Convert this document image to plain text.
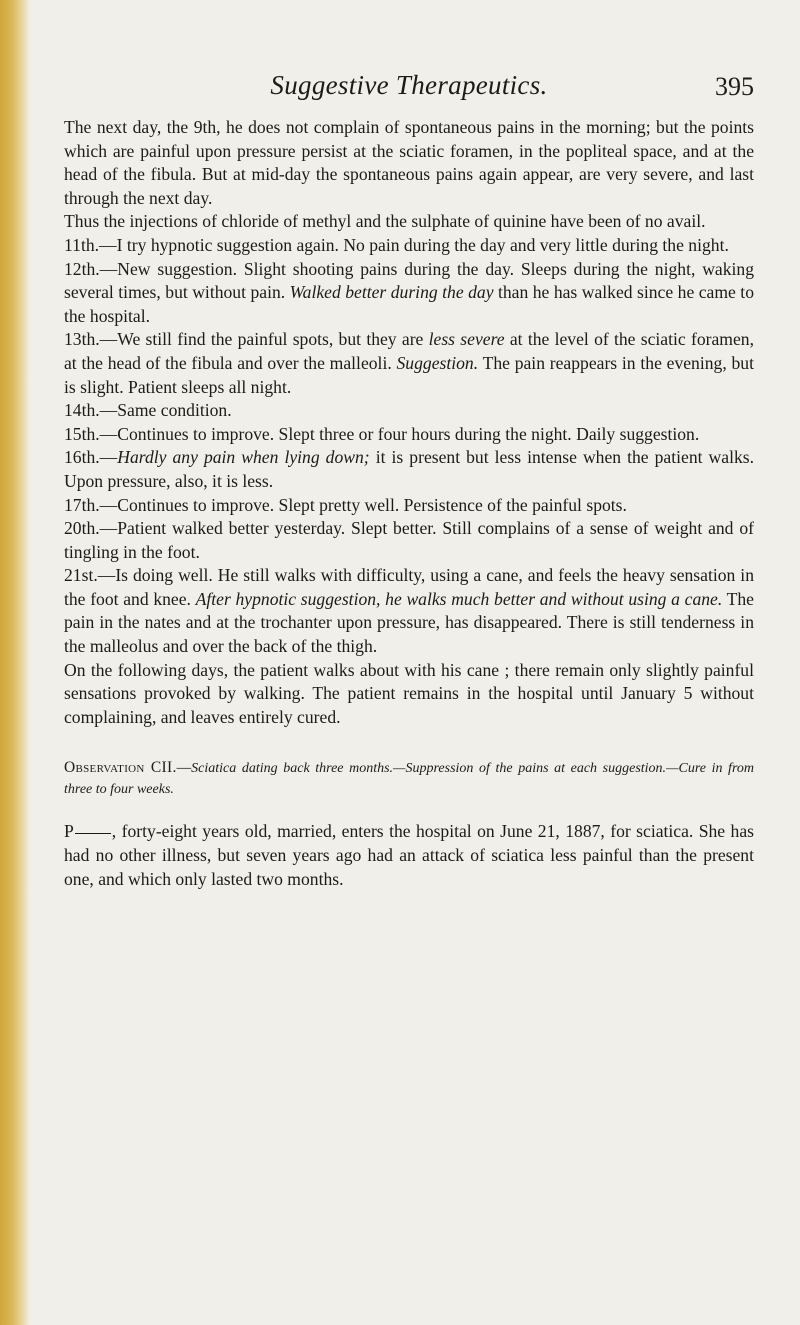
Suggestive Therapeutics.	395

The next day, the 9th, he does not complain of spontaneous pains in the morning; but the points which are painful upon pressure persist at the sciatic foramen, in the popliteal space, and at the head of the fibula. But at mid-day the spontaneous pains again appear, are very severe, and last through the next day.

Thus the injections of chloride of methyl and the sulphate of quinine have been of no avail.

11th.—I try hypnotic suggestion again. No pain during the day and very little during the night.

12th.—New suggestion. Slight shooting pains during the day. Sleeps during the night, waking several times, but without pain. Walked better during the day than he has walked since he came to the hospital.

13th.—We still find the painful spots, but they are less severe at the level of the sciatic foramen, at the head of the fibula and over the malleoli. Suggestion. The pain reappears in the evening, but is slight. Patient sleeps all night.

14th.—Same condition.

15th.—Continues to improve. Slept three or four hours during the night. Daily suggestion.

16th.—Hardly any pain when lying down; it is present but less intense when the patient walks. Upon pressure, also, it is less.

17th.—Continues to improve. Slept pretty well. Persistence of the painful spots.

20th.—Patient walked better yesterday. Slept better. Still complains of a sense of weight and of tingling in the foot.

21st.—Is doing well. He still walks with difficulty, using a cane, and feels the heavy sensation in the foot and knee. After hypnotic suggestion, he walks much better and without using a cane. The pain in the nates and at the trochanter upon pressure, has disappeared. There is still tenderness in the malleolus and over the back of the thigh.

On the following days, the patient walks about with his cane ; there remain only slightly painful sensations provoked by walking. The patient remains in the hospital until January 5 without complaining, and leaves entirely cured.

Observation CII.—Sciatica dating back three months.—Suppression of the pains at each suggestion.—Cure in from three to four weeks.

P , forty-eight years old, married, enters the hospital on June 21, 1887, for sciatica. She has had no other illness, but seven years ago had an attack of sciatica less painful than the present one, and which only lasted two months.
